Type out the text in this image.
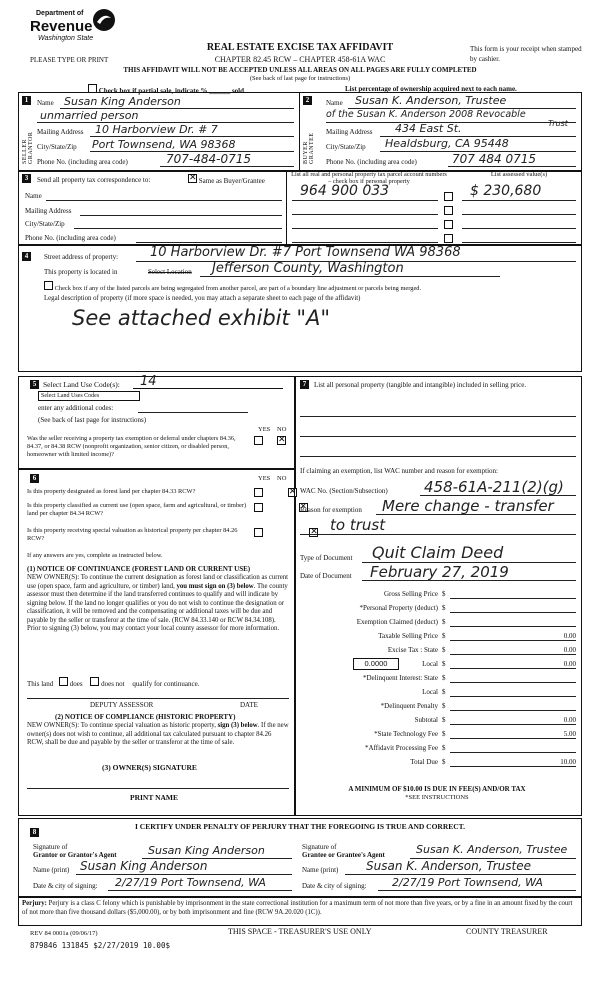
Department of
Revenue
Washington State
PLEASE TYPE OR PRINT
REAL ESTATE EXCISE TAX AFFIDAVIT
CHAPTER 82.45 RCW – CHAPTER 458-61A WAC
THIS AFFIDAVIT WILL NOT BE ACCEPTED UNLESS ALL AREAS ON ALL PAGES ARE FULLY COMPLETED
(See back of last page for instructions)
This form is your receipt when stamped by cashier.
Check box if partial sale, indicate % ______ sold.	List percentage of ownership acquired next to each name.
1
SELLER GRANTOR
Name Susan King Anderson
unmarried person
Mailing Address 10 Harborview Dr. # 7
City/State/Zip Port Townsend, WA 98368
Phone No. (including area code)	707-484-0715
2
BUYER GRANTEE
Name Susan K. Anderson, Trustee
of the Susan K. Anderson 2008 Revocable
Trust
Mailing Address 434 East St.
City/State/Zip Healdsburg, CA 95448
Phone No. (including area code)	707 484 0715
3	Send all property tax correspondence to:
✕	Same as Buyer/Grantee
Name
Mailing Address
City/State/Zip
Phone No. (including area code)
List all real and personal property tax parcel account numbers – check box if personal property
List assessed value(s)
964 900 033	$ 230,680
4	Street address of property: 10 Harborview Dr. #7 Port Townsend WA 98368
This property is located in	Select Location Jefferson County, Washington
Check box if any of the listed parcels are being segregated from another parcel, are part of a boundary line adjustment or parcels being merged.
Legal description of property (if more space is needed, you may attach a separate sheet to each page of the affidavit)
See attached exhibit "A"
5 Select Land Use Code(s): 14
Select Land Uses Codes
enter any additional codes:
(See back of last page for instructions)
YES NO
Was the seller receiving a property tax exemption or deferral under chapters 84.36, 84.37, or 84.38 RCW (nonprofit organization, senior citizen, or disabled person, homeowner with limited income)?
✕
6	YES NO
Is this property designated as forest land per chapter 84.33 RCW?
✕
Is this property classified as current use (open space, farm and agricultural, or timber) land per chapter 84.34 RCW?
✕
Is this property receiving special valuation as historical property per chapter 84.26 RCW?
✕
If any answers are yes, complete as instructed below.
(1) NOTICE OF CONTINUANCE (FOREST LAND OR CURRENT USE)
NEW OWNER(S): To continue the current designation as forest land or classification as current use (open space, farm and agriculture, or timber) land, you must sign on (3) below. The county assessor must then determine if the land transferred continues to qualify and will indicate by signing below. If the land no longer qualifies or you do not wish to continue the designation or classification, it will be removed and the compensating or additional taxes will be due and payable by the seller or transferor at the time of sale. (RCW 84.33.140 or RCW 84.34.108). Prior to signing (3) below, you may contact your local county assessor for more information.
This land does	does not qualify for continuance.
DEPUTY ASSESSOR	DATE
(2) NOTICE OF COMPLIANCE (HISTORIC PROPERTY)
NEW OWNER(S): To continue special valuation as historic property, sign (3) below. If the new owner(s) does not wish to continue, all additional tax calculated pursuant to chapter 84.26 RCW, shall be due and payable by the seller or transferor at the time of sale.
(3) OWNER(S) SIGNATURE
PRINT NAME
7	List all personal property (tangible and intangible) included in selling price.
If claiming an exemption, list WAC number and reason for exemption:
WAC No. (Section/Subsection) 458-61A-211(2)(g)
Reason for exemption Mere change - transfer
to trust
Type of Document Quit Claim Deed
Date of Document February 27, 2019
Gross Selling Price $
*Personal Property (deduct) $
Exemption Claimed (deduct) $
Taxable Selling Price $	0.00
Excise Tax : State $	0.00
0.0000	Local $	0.00
*Delinquent Interest: State $
Local $
*Delinquent Penalty $
Subtotal $	0.00
*State Technology Fee $	5.00
*Affidavit Processing Fee $
Total Due $	10.00
A MINIMUM OF $10.00 IS DUE IN FEE(S) AND/OR TAX
*SEE INSTRUCTIONS
8
I CERTIFY UNDER PENALTY OF PERJURY THAT THE FOREGOING IS TRUE AND CORRECT.
Signature of
Grantor or Grantor's Agent	Susan King Anderson
Name (print) Susan King Anderson
Date & city of signing: 2/27/19 Port Townsend, WA
Signature of
Grantee or Grantee's Agent	Susan K. Anderson, Trustee
Name (print) Susan K. Anderson, Trustee
Date & city of signing: 2/27/19 Port Townsend, WA
Perjury: Perjury is a class C felony which is punishable by imprisonment in the state correctional institution for a maximum term of not more than five years, or by a fine in an amount fixed by the court of not more than five thousand dollars ($5,000.00), or by both imprisonment and fine (RCW 9A.20.020 (1C)).
REV 84 0001a (09/06/17)	THIS SPACE - TREASURER'S USE ONLY	COUNTY TREASURER
879846 131845 $2/27/2019 10.00$
